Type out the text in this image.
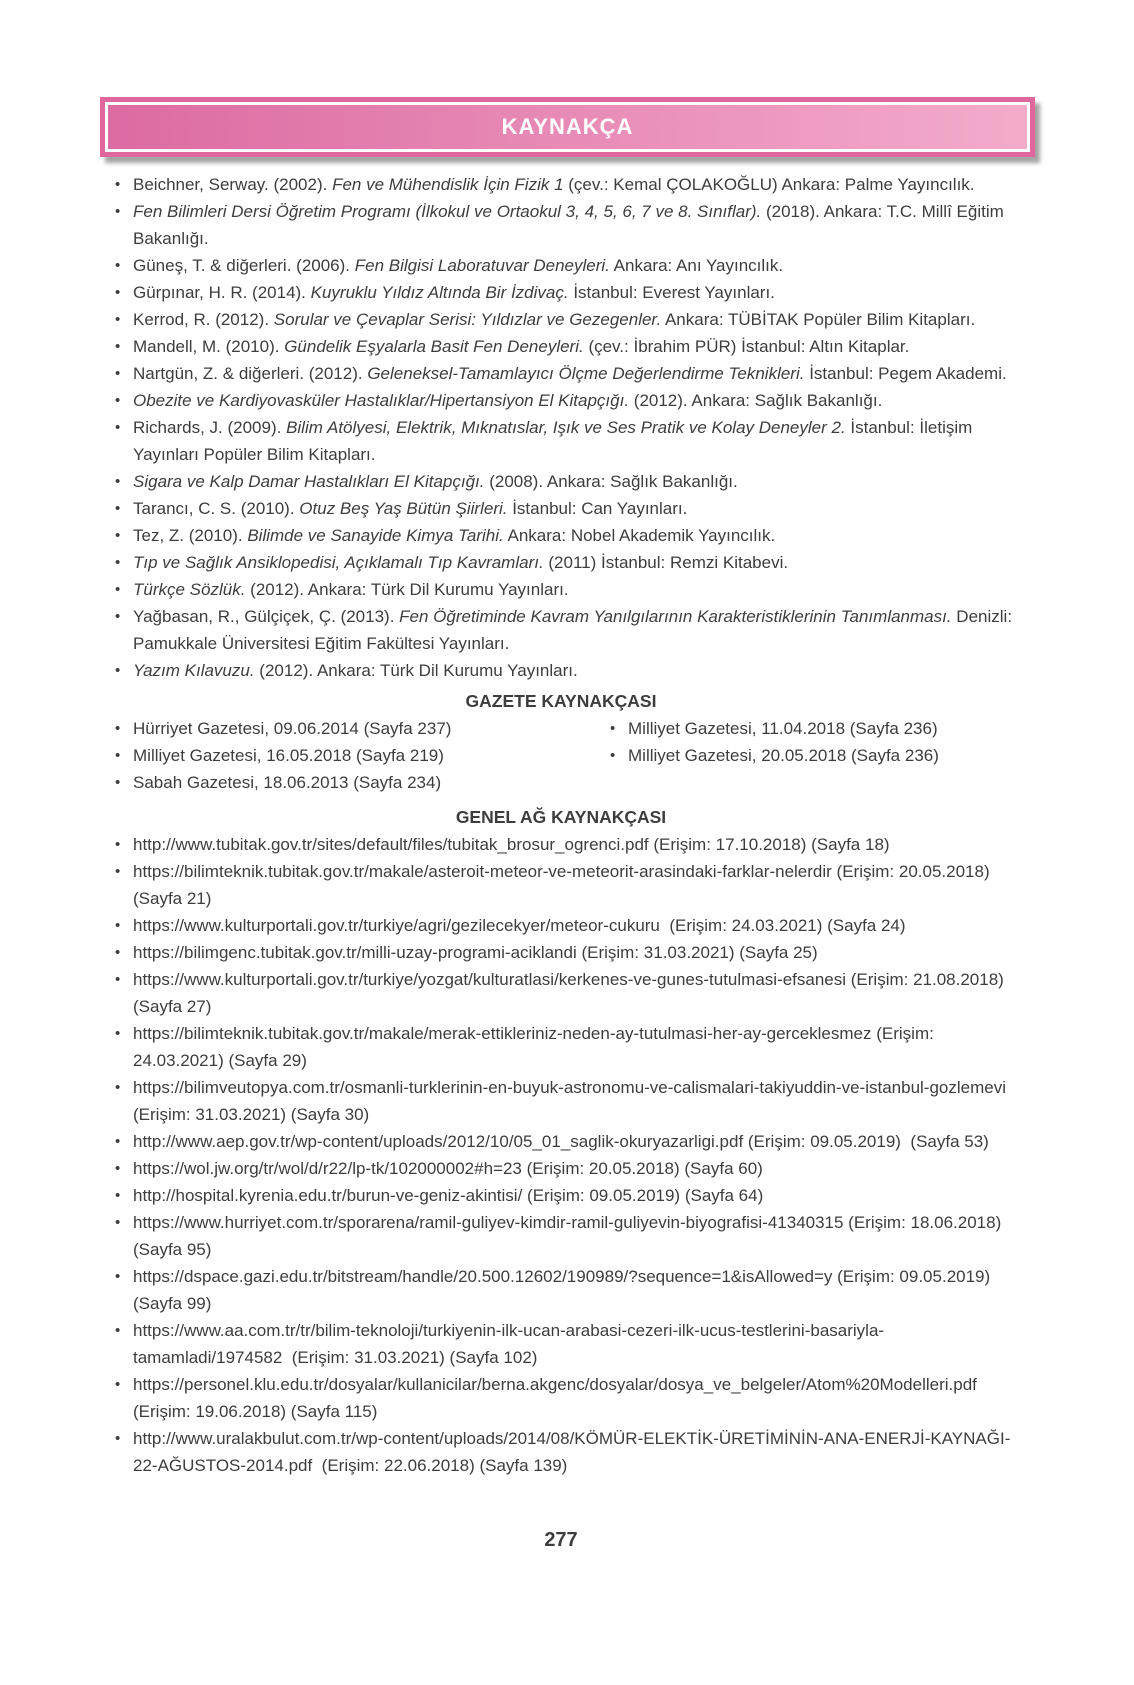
KAYNAKÇA
• Beichner, Serway. (2002). Fen ve Mühendislik İçin Fizik 1 (çev.: Kemal ÇOLAKOĞLU) Ankara: Palme Yayıncılık.
• Fen Bilimleri Dersi Öğretim Programı (İlkokul ve Ortaokul 3, 4, 5, 6, 7 ve 8. Sınıflar). (2018). Ankara: T.C. Millî Eğitim Bakanlığı.
• Güneş, T. & diğerleri. (2006). Fen Bilgisi Laboratuvar Deneyleri. Ankara: Anı Yayıncılık.
• Gürpınar, H. R. (2014). Kuyruklu Yıldız Altında Bir İzdivaç. İstanbul: Everest Yayınları.
• Kerrod, R. (2012). Sorular ve Çevaplar Serisi: Yıldızlar ve Gezegenler. Ankara: TÜBİTAK Popüler Bilim Kitapları.
• Mandell, M. (2010). Gündelik Eşyalarla Basit Fen Deneyleri. (çev.: İbrahim PÜR) İstanbul: Altın Kitaplar.
• Nartgün, Z. & diğerleri. (2012). Geleneksel-Tamamlayıcı Ölçme Değerlendirme Teknikleri. İstanbul: Pegem Akademi.
• Obezite ve Kardiyovasküler Hastalıklar/Hipertansiyon El Kitapçığı. (2012). Ankara: Sağlık Bakanlığı.
• Richards, J. (2009). Bilim Atölyesi, Elektrik, Mıknatıslar, Işık ve Ses Pratik ve Kolay Deneyler 2. İstanbul: İletişim Yayınları Popüler Bilim Kitapları.
• Sigara ve Kalp Damar Hastalıkları El Kitapçığı. (2008). Ankara: Sağlık Bakanlığı.
• Tarancı, C. S. (2010). Otuz Beş Yaş Bütün Şiirleri. İstanbul: Can Yayınları.
• Tez, Z. (2010). Bilimde ve Sanayide Kimya Tarihi. Ankara: Nobel Akademik Yayıncılık.
• Tıp ve Sağlık Ansiklopedisi, Açıklamalı Tıp Kavramları. (2011) İstanbul: Remzi Kitabevi.
• Türkçe Sözlük. (2012). Ankara: Türk Dil Kurumu Yayınları.
• Yağbasan, R., Gülçiçek, Ç. (2013). Fen Öğretiminde Kavram Yanılgılarının Karakteristiklerinin Tanımlanması. Denizli: Pamukkale Üniversitesi Eğitim Fakültesi Yayınları.
• Yazım Kılavuzu. (2012). Ankara: Türk Dil Kurumu Yayınları.
GAZETE KAYNAKÇASI
• Hürriyet Gazetesi, 09.06.2014 (Sayfa 237)
• Milliyet Gazetesi, 16.05.2018 (Sayfa 219)
• Sabah Gazetesi, 18.06.2013 (Sayfa 234)
• Milliyet Gazetesi, 11.04.2018 (Sayfa 236)
• Milliyet Gazetesi, 20.05.2018 (Sayfa 236)
GENEL AĞ KAYNAKÇASI
• http://www.tubitak.gov.tr/sites/default/files/tubitak_brosur_ogrenci.pdf (Erişim: 17.10.2018) (Sayfa 18)
• https://bilimteknik.tubitak.gov.tr/makale/asteroit-meteor-ve-meteorit-arasindaki-farklar-nelerdir (Erişim: 20.05.2018) (Sayfa 21)
• https://www.kulturportali.gov.tr/turkiye/agri/gezilecekyer/meteor-cukuru  (Erişim: 24.03.2021) (Sayfa 24)
• https://bilimgenc.tubitak.gov.tr/milli-uzay-programi-aciklandi (Erişim: 31.03.2021) (Sayfa 25)
• https://www.kulturportali.gov.tr/turkiye/yozgat/kulturatlasi/kerkenes-ve-gunes-tutulmasi-efsanesi (Erişim: 21.08.2018) (Sayfa 27)
• https://bilimteknik.tubitak.gov.tr/makale/merak-ettikleriniz-neden-ay-tutulmasi-her-ay-gerceklesmez (Erişim: 24.03.2021) (Sayfa 29)
• https://bilimveutopya.com.tr/osmanli-turklerinin-en-buyuk-astronomu-ve-calismalari-takiyuddin-ve-istanbul-gozlemevi  (Erişim: 31.03.2021) (Sayfa 30)
• http://www.aep.gov.tr/wp-content/uploads/2012/10/05_01_saglik-okuryazarligi.pdf (Erişim: 09.05.2019)  (Sayfa 53)
• https://wol.jw.org/tr/wol/d/r22/lp-tk/102000002#h=23 (Erişim: 20.05.2018) (Sayfa 60)
• http://hospital.kyrenia.edu.tr/burun-ve-geniz-akintisi/ (Erişim: 09.05.2019) (Sayfa 64)
• https://www.hurriyet.com.tr/sporarena/ramil-guliyev-kimdir-ramil-guliyevin-biyografisi-41340315 (Erişim: 18.06.2018) (Sayfa 95)
• https://dspace.gazi.edu.tr/bitstream/handle/20.500.12602/190989/?sequence=1&isAllowed=y (Erişim: 09.05.2019) (Sayfa 99)
• https://www.aa.com.tr/tr/bilim-teknoloji/turkiyenin-ilk-ucan-arabasi-cezeri-ilk-ucus-testlerini-basariyla-tamamladi/1974582  (Erişim: 31.03.2021) (Sayfa 102)
• https://personel.klu.edu.tr/dosyalar/kullanicilar/berna.akgenc/dosyalar/dosya_ve_belgeler/Atom%20Modelleri.pdf (Erişim: 19.06.2018) (Sayfa 115)
• http://www.uralakbulut.com.tr/wp-content/uploads/2014/08/KÖMÜR-ELEKTİK-ÜRETİMİNİN-ANA-ENERJİ-KAYNAĞI-22-AĞUSTOS-2014.pdf  (Erişim: 22.06.2018) (Sayfa 139)
277
